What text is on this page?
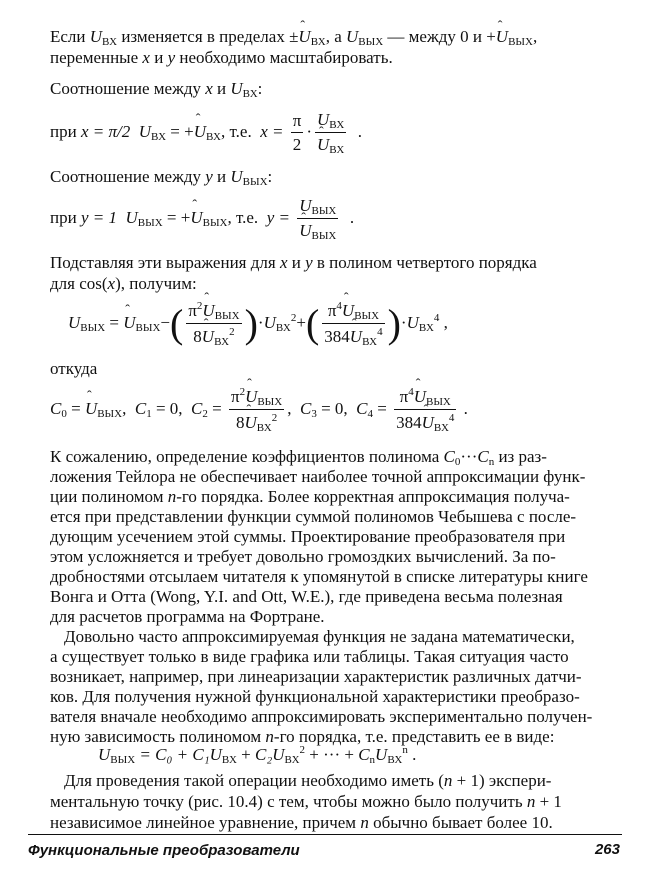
Если $U_{ВХ}$ изменяется в пределах ±ˆ $U_{ВХ}$, а $U_{ВЫХ}$ — между 0 и +ˆ $U_{ВЫХ}$,
переменные x и y необходимо масштабировать.
Соотношение между x и $U_{ВХ}$:
при x = π/2 $U_{ВХ}$ = +ˆ $U_{ВХ}$, т.е.  $x = \frac{\pi}{2} \cdot U_{ВХ}$
ˆ $U_{ВХ}$ .
Соотношение между y и $U_{ВЫХ}$:
при y = 1 $U_{ВЫХ}$ = +ˆ $U_{ВЫХ}$, т.е.  $y = U_{ВЫХ}$
ˆ $U_{ВЫХ}$ .
Подставляя эти выражения для x и y в полином четвертого порядка
для cos(x), получим:
$U_{ВЫХ}$ = ˆ $U_{ВЫХ}-( \frac{\pi^2ˆ U_{ВЫХ}}{8ˆ U_{ВХ}^2} )\cdot U_{ВХ}^2+( \frac{\pi^4ˆ U_{ВЫХ}}{384ˆ U_{ВХ}^4} )\cdot U_{ВХ}^4$ ,
откуда
$C_0$ = ˆ $U_{ВЫХ}$, $C_1 = 0$, $C_2 = \frac{\pi^2ˆ U_{ВЫХ}}{8ˆ U_{ВХ}^2}$ , $C_3 = 0$, $C_4 = \frac{\pi^4ˆ U_{ВЫХ}}{384ˆ U_{ВХ}^4}$ .
К сожалению, определение коэффициентов полинома $C_0\cdot\cdot\cdot C_n$ из раз-
ложения Тейлора не обеспечивает наиболее точной аппроксимации функ-
ции полиномом n-го порядка. Более корректная аппроксимация получа-
ется при представлении функции суммой полиномов Чебышева с после-
дующим усечением этой суммы. Проектирование преобразователя при
этом усложняется и требует довольно громоздких вычислений. За по-
дробностями отсылаем читателя к упомянутой в списке литературы книге
Вонга и Отта (Wong, Y.I. and Ott, W.E.), где приведена весьма полезная
для расчетов программа на Фортране.
Довольно часто аппроксимируемая функция не задана математически,
а существует только в виде графика или таблицы. Такая ситуация часто
возникает, например, при линеаризации характеристик различных датчи-
ков. Для получения нужной функциональной характеристики преобразо-
вателя вначале необходимо аппроксимировать экспериментально получен-
ную зависимость полиномом n-го порядка, т.е. представить ее в виде:
$U_{ВЫХ} = C_0 + C_1U_{ВХ} + C_2U_{ВХ}^2$ + ··· + $C_nU_{ВХ}^n$ .
Для проведения такой операции необходимо иметь (n + 1) экспери-
ментальную точку (рис. 10.4) с тем, чтобы можно было получить n + 1
Функциональные преобразователи	263
независимое линейное уравнение, причем n обычно бывает более 10.
